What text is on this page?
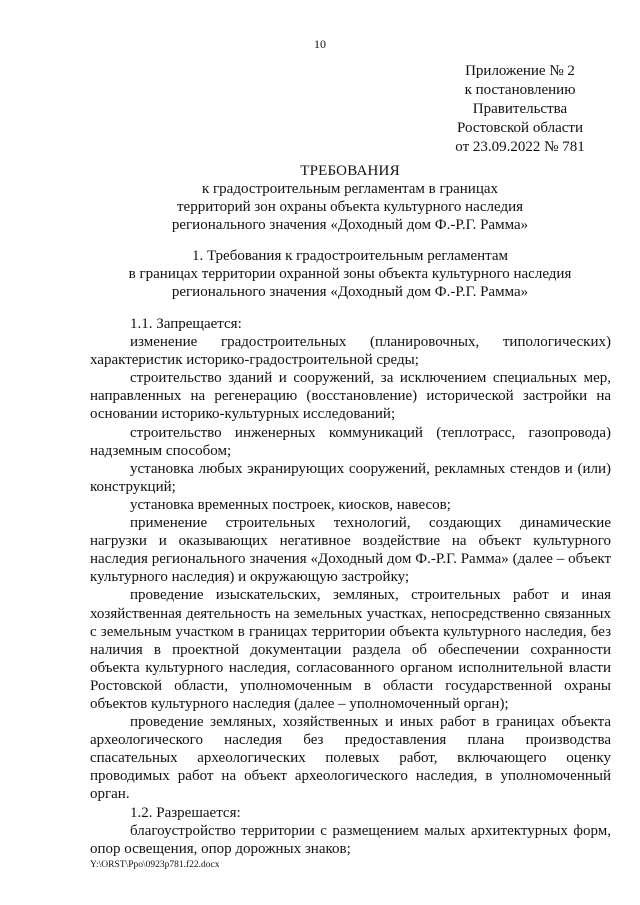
10
Приложение № 2
к постановлению
Правительства
Ростовской области
от 23.09.2022 № 781
ТРЕБОВАНИЯ
к градостроительным регламентам в границах
территорий зон охраны объекта культурного наследия
регионального значения «Доходный дом Ф.-Р.Г. Рамма»
1. Требования к градостроительным регламентам
в границах территории охранной зоны объекта культурного наследия
регионального значения «Доходный дом Ф.-Р.Г. Рамма»

1.1. Запрещается:

изменение градостроительных (планировочных, типологических) характеристик историко-градостроительной среды;

строительство зданий и сооружений, за исключением специальных мер, направленных на регенерацию (восстановление) исторической застройки на основании историко-культурных исследований;

строительство инженерных коммуникаций (теплотрасс, газопровода) надземным способом;

установка любых экранирующих сооружений, рекламных стендов и (или) конструкций;

установка временных построек, киосков, навесов;

применение строительных технологий, создающих динамические нагрузки и оказывающих негативное воздействие на объект культурного наследия регионального значения «Доходный дом Ф.-Р.Г. Рамма» (далее – объект культурного наследия) и окружающую застройку;

проведение изыскательских, земляных, строительных работ и иная хозяйственная деятельность на земельных участках, непосредственно связанных с земельным участком в границах территории объекта культурного наследия, без наличия в проектной документации раздела об обеспечении сохранности объекта культурного наследия, согласованного органом исполнительной власти Ростовской области, уполномоченным в области государственной охраны объектов культурного наследия (далее – уполномоченный орган);

проведение земляных, хозяйственных и иных работ в границах объекта археологического наследия без предоставления плана производства спасательных археологических полевых работ, включающего оценку проводимых работ на объект археологического наследия, в уполномоченный орган.

1.2. Разрешается:

благоустройство территории с размещением малых архитектурных форм, опор освещения, опор дорожных знаков;

Y:\ORST\Ppo\0923p781.f22.docx
